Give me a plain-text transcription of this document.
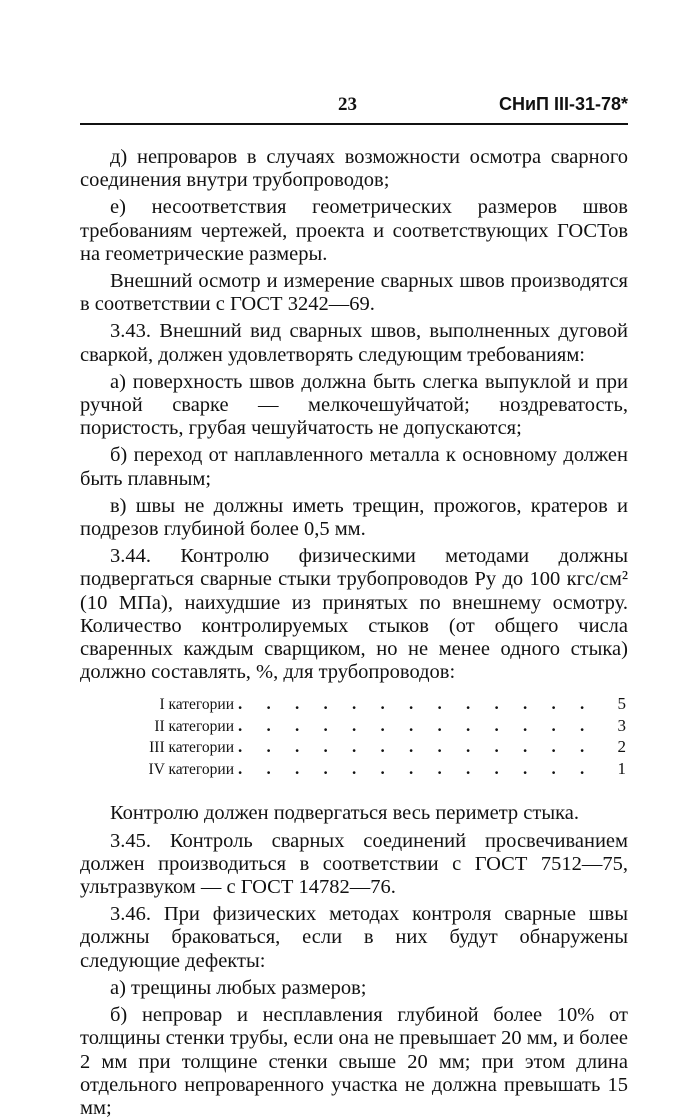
23	СНиП III-31-78*

д) непроваров в случаях возможности осмотра сварного соединения внутри трубопроводов;

е) несоответствия геометрических размеров швов требованиям чертежей, проекта и соответствующих ГОСТов на геометрические размеры.

Внешний осмотр и измерение сварных швов производятся в соответствии с ГОСТ 3242—69.

3.43. Внешний вид сварных швов, выполненных дуговой сваркой, должен удовлетворять следующим требованиям:

а) поверхность швов должна быть слегка выпуклой и при ручной сварке — мелкочешуйчатой; ноздреватость, пористость, грубая чешуйчатость не допускаются;

б) переход от наплавленного металла к основному должен быть плавным;

в) швы не должны иметь трещин, прожогов, кратеров и подрезов глубиной более 0,5 мм.

3.44. Контролю физическими методами должны подвергаться сварные стыки трубопроводов Pу до 100 кгс/см² (10 МПа), наихудшие из принятых по внешнему осмотру. Количество контролируемых стыков (от общего числа сваренных каждым сварщиком, но не менее одного стыка) должно составлять, %, для трубопроводов:

I категории . . .	5
II категории . . .	3
III категории . . .	2
IV категории . . .	1

Контролю должен подвергаться весь периметр стыка.

3.45. Контроль сварных соединений просвечиванием должен производиться в соответствии с ГОСТ 7512—75, ультразвуком — с ГОСТ 14782—76.

3.46. При физических методах контроля сварные швы должны браковаться, если в них будут обнаружены следующие дефекты:

а) трещины любых размеров;

б) непровар и несплавления глубиной более 10% от толщины стенки трубы, если она не превышает 20 мм, и более 2 мм при толщине стенки свыше 20 мм; при этом длина отдельного непроваренного участка не должна превышать 15 мм;
